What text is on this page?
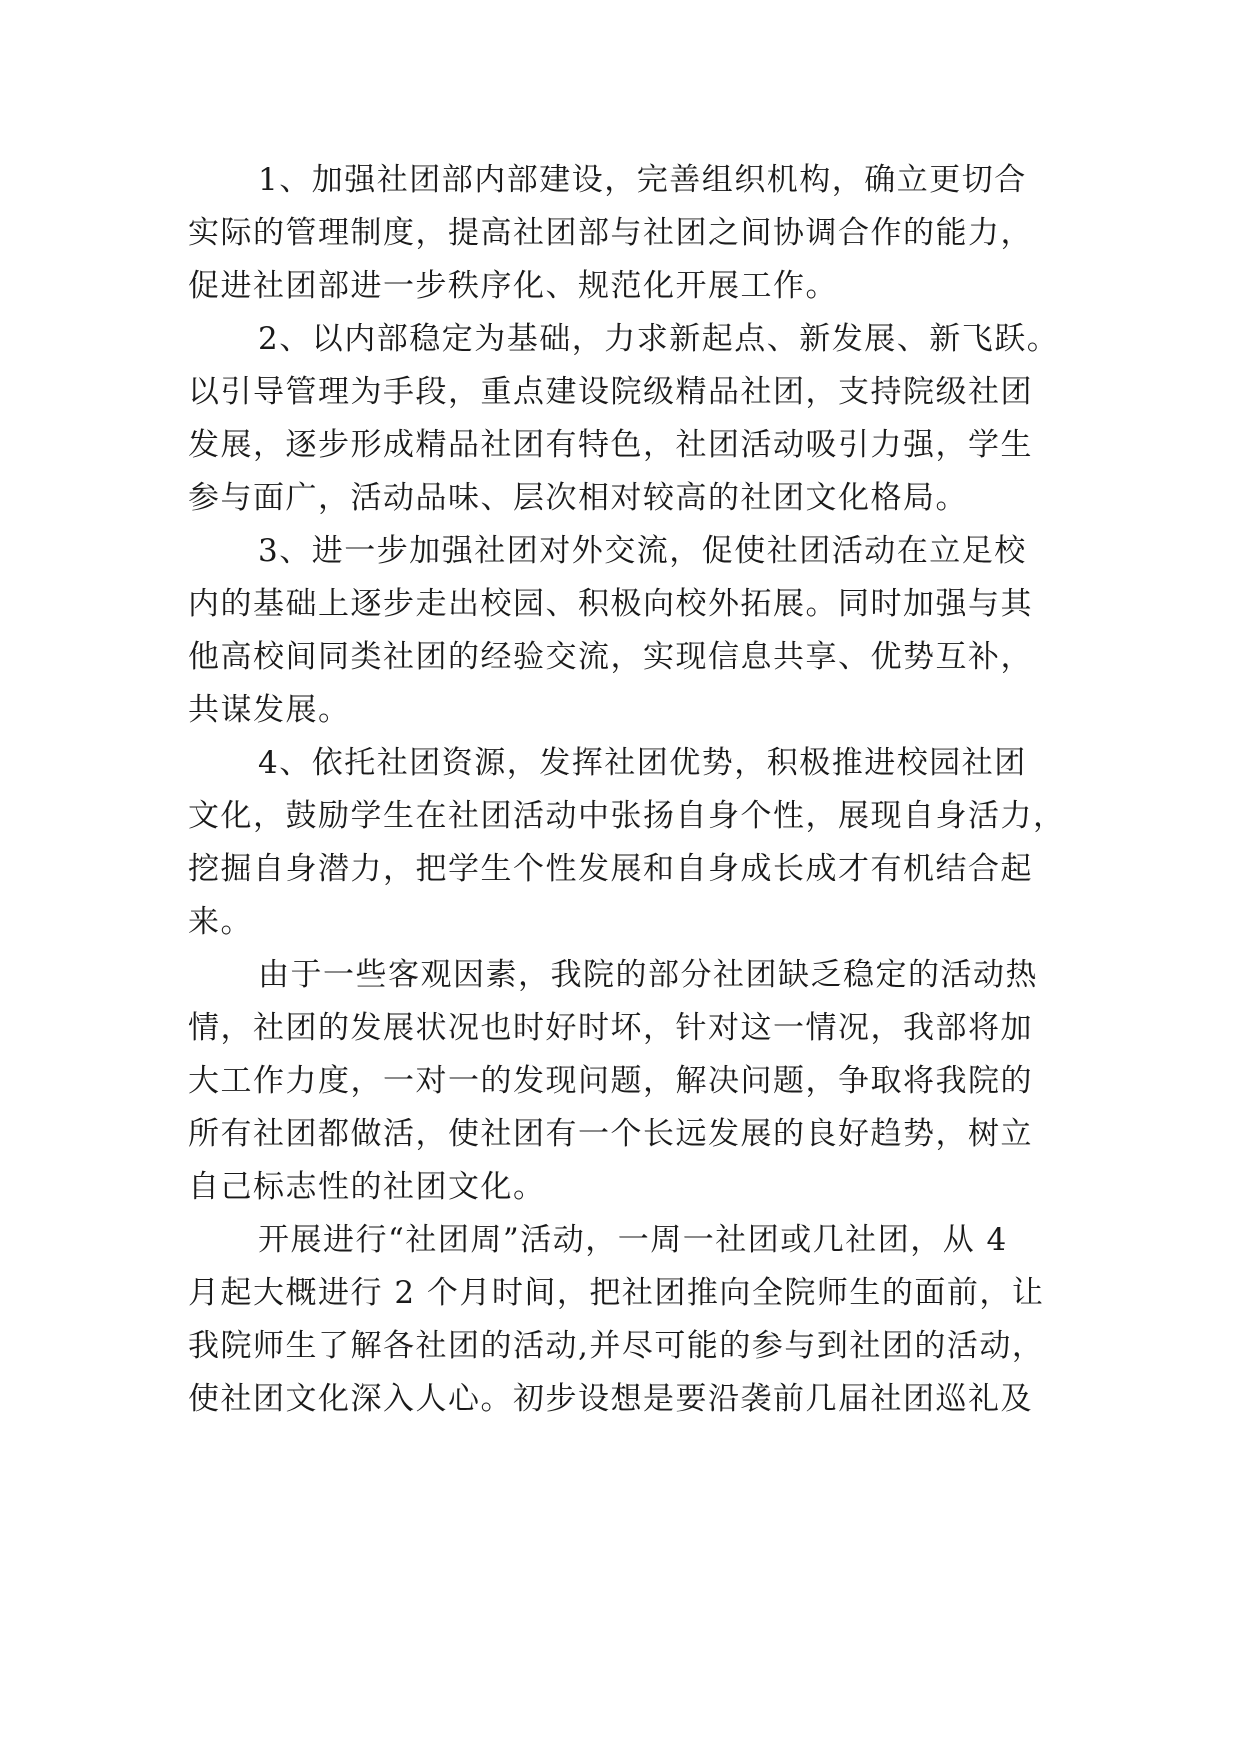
1、加强社团部内部建设，完善组织机构，确立更切合
实际的管理制度，提高社团部与社团之间协调合作的能力，
促进社团部进一步秩序化、规范化开展工作。
2、以内部稳定为基础，力求新起点、新发展、新飞跃。
以引导管理为手段，重点建设院级精品社团，支持院级社团
发展，逐步形成精品社团有特色，社团活动吸引力强，学生
参与面广，活动品味、层次相对较高的社团文化格局。
3、进一步加强社团对外交流，促使社团活动在立足校
内的基础上逐步走出校园、积极向校外拓展。同时加强与其
他高校间同类社团的经验交流，实现信息共享、优势互补，
共谋发展。
4、依托社团资源，发挥社团优势，积极推进校园社团
文化，鼓励学生在社团活动中张扬自身个性，展现自身活力，
挖掘自身潜力，把学生个性发展和自身成长成才有机结合起
来。
由于一些客观因素，我院的部分社团缺乏稳定的活动热
情，社团的发展状况也时好时坏，针对这一情况，我部将加
大工作力度，一对一的发现问题，解决问题，争取将我院的
所有社团都做活，使社团有一个长远发展的良好趋势，树立
自己标志性的社团文化。
开展进行“社团周”活动，一周一社团或几社团，从 4
月起大概进行 2 个月时间，把社团推向全院师生的面前，让
我院师生了解各社团的活动,并尽可能的参与到社团的活动，
使社团文化深入人心。初步设想是要沿袭前几届社团巡礼及
